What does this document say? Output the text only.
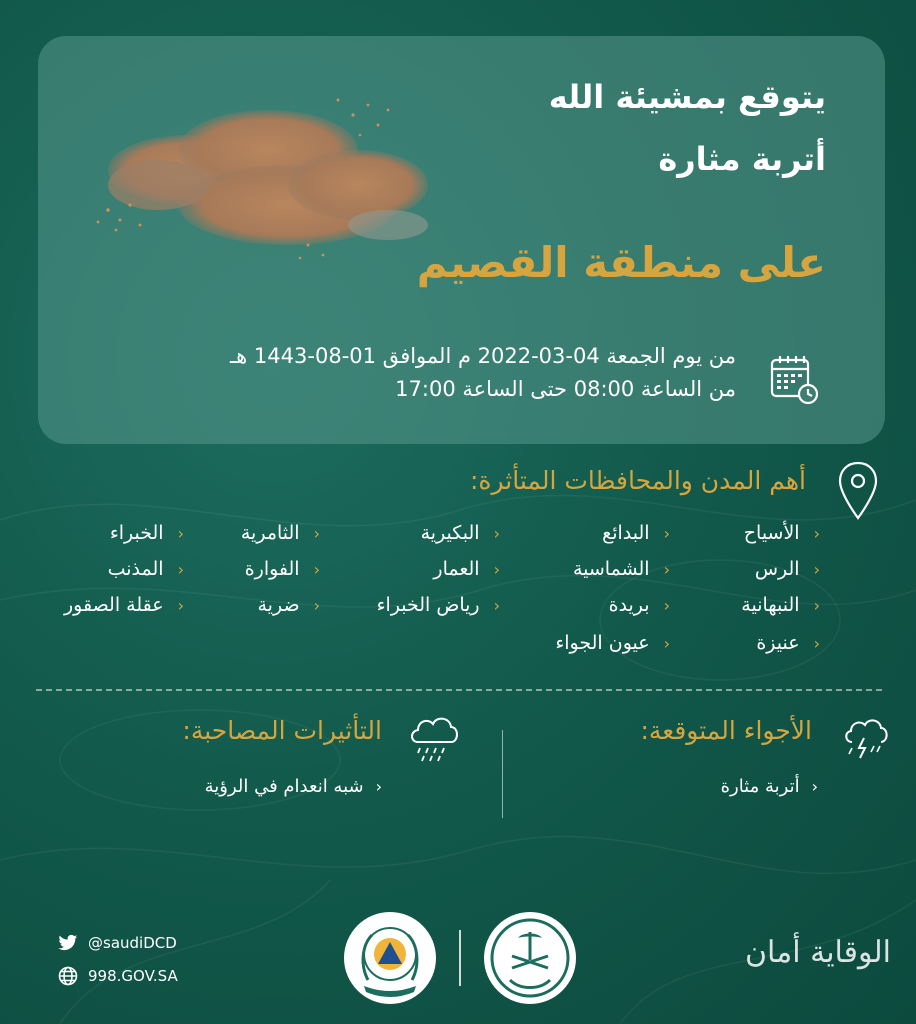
يتوقع بمشيئة الله
أتربة مثارة
على منطقة القصيم
من يوم الجمعة 04-03-2022 م الموافق 01-08-1443 هـ
من الساعة 08:00 حتى الساعة 17:00
أهم المدن والمحافظات المتأثرة:
‹
الأسياح
‹
الرس
‹
النبهانية
‹
عنيزة
‹
البدائع
‹
الشماسية
‹
بريدة
‹
عيون الجواء
‹
البكيرية
‹
العمار
‹
رياض الخبراء
‹
الثامرية
‹
الفوارة
‹
ضرية
‹
الخبراء
‹
المذنب
‹
عقلة الصقور
الأجواء المتوقعة:
‹
أتربة مثارة
التأثيرات المصاحبة:
‹
شبه انعدام في الرؤية
@saudiDCD
998.GOV.SA
الوقاية أمان
